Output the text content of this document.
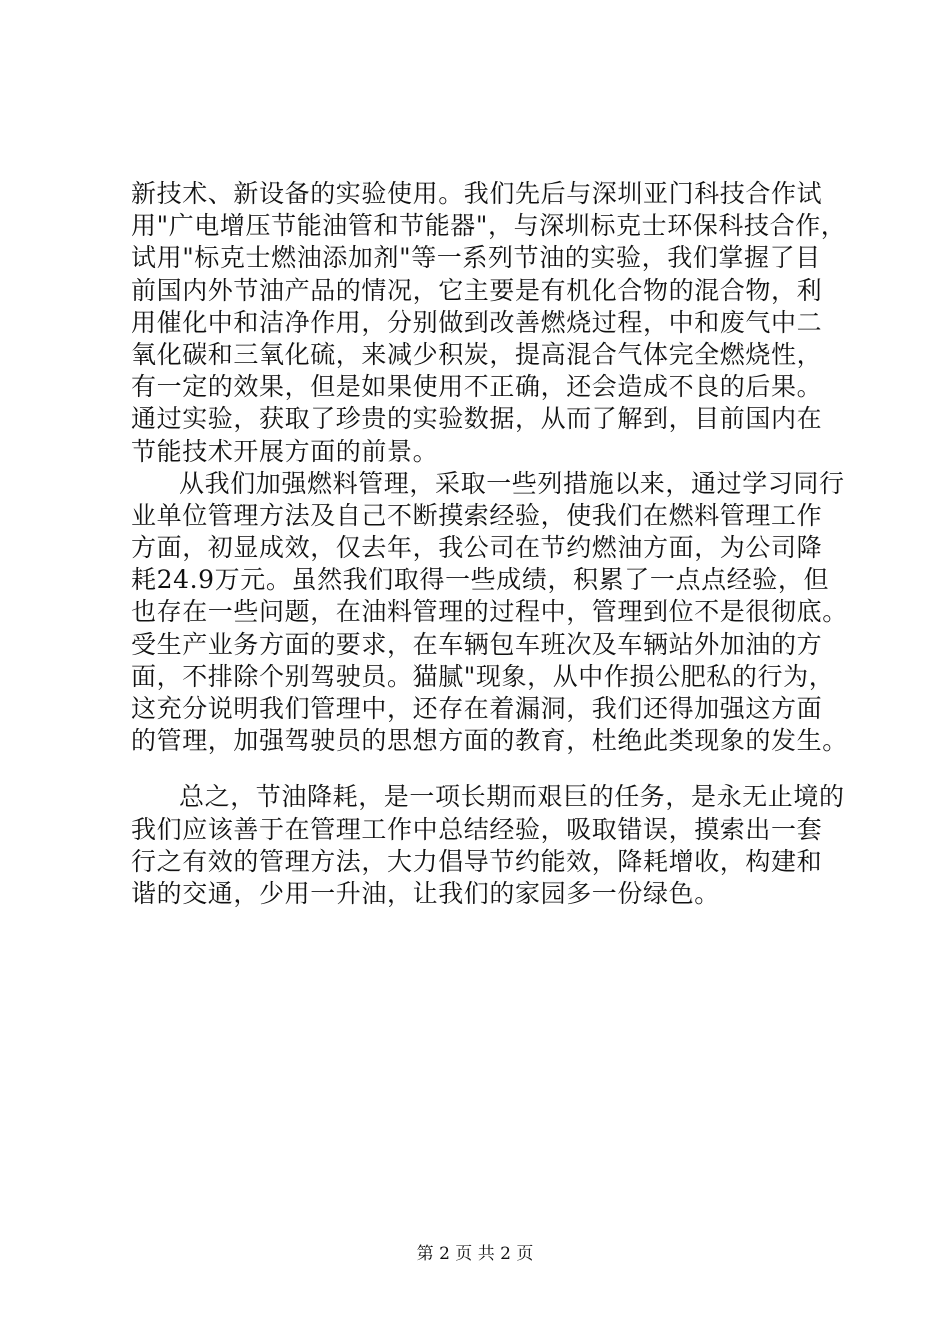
新技术、新设备的实验使用。我们先后与深圳亚门科技合作试
用"广电增压节能油管和节能器"，与深圳标克士环保科技合作，
试用"标克士燃油添加剂"等一系列节油的实验，我们掌握了目
前国内外节油产品的情况，它主要是有机化合物的混合物，利
用催化中和洁净作用，分别做到改善燃烧过程，中和废气中二
氧化碳和三氧化硫，来减少积炭，提高混合气体完全燃烧性，
有一定的效果，但是如果使用不正确，还会造成不良的后果。
通过实验，获取了珍贵的实验数据，从而了解到，目前国内在
节能技术开展方面的前景。
从我们加强燃料管理，采取一些列措施以来，通过学习同行
业单位管理方法及自己不断摸索经验，使我们在燃料管理工作
方面，初显成效，仅去年，我公司在节约燃油方面，为公司降
耗24.9万元。虽然我们取得一些成绩，积累了一点点经验，但
也存在一些问题，在油料管理的过程中，管理到位不是很彻底。
受生产业务方面的要求，在车辆包车班次及车辆站外加油的方
面，不排除个别驾驶员。猫腻"现象，从中作损公肥私的行为，
这充分说明我们管理中，还存在着漏洞，我们还得加强这方面
的管理，加强驾驶员的思想方面的教育，杜绝此类现象的发生。
总之，节油降耗，是一项长期而艰巨的任务，是永无止境的
我们应该善于在管理工作中总结经验，吸取错误，摸索出一套
行之有效的管理方法，大力倡导节约能效，降耗增收，构建和
谐的交通，少用一升油，让我们的家园多一份绿色。
第 2 页 共 2 页
